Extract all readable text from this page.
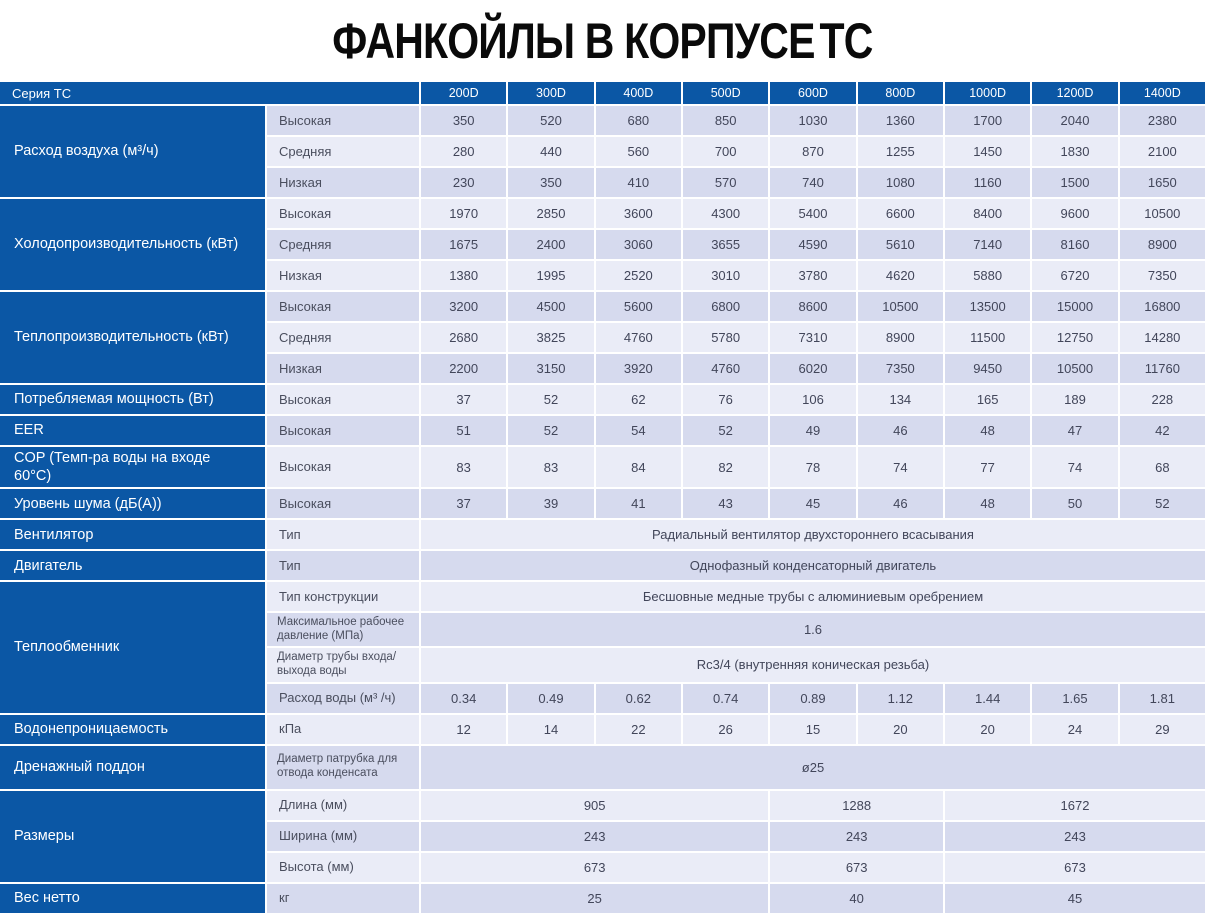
ФАНКОЙЛЫ В КОРПУСЕТС
Серия ТС	200D	300D	400D	500D	600D	800D	1000D	1200D	1400D
Расход воздуха (м³/ч)
Высокая	350	520	680	850	1030	1360	1700	2040	2380
Средняя	280	440	560	700	870	1255	1450	1830	2100
Низкая	230	350	410	570	740	1080	1160	1500	1650
Холодопроизводительность (кВт)
Высокая	1970	2850	3600	4300	5400	6600	8400	9600	10500
Средняя	1675	2400	3060	3655	4590	5610	7140	8160	8900
Низкая	1380	1995	2520	3010	3780	4620	5880	6720	7350
Теплопроизводительность (кВт)
Высокая	3200	4500	5600	6800	8600	10500	13500	15000	16800
Средняя	2680	3825	4760	5780	7310	8900	11500	12750	14280
Низкая	2200	3150	3920	4760	6020	7350	9450	10500	11760
Потребляемая мощность (Вт)	Высокая	37	52	62	76	106	134	165	189	228
EER	Высокая	51	52	54	52	49	46	48	47	42
COP (Темп-ра воды на входе 60°С)
Высокая	83	83	84	82	78	74	77	74	68
Уровень шума (дБ(А))	Высокая	37	39	41	43	45	46	48	50	52
Вентилятор	Тип	Радиальный вентилятор двухстороннего всасывания
Двигатель	Тип	Однофазный конденсаторный двигатель
Теплообменник
Тип конструкции	Бесшовные медные трубы с алюминиевым оребрением
Максимальное рабочее давление (МПа)	1.6
Диаметр трубы входа/ выхода воды	Rc3/4 (внутренняя коническая резьба)
Расход воды (м³ /ч)	0.34	0.49	0.62	0.74	0.89	1.12	1.44	1.65	1.81
Водонепроницаемость	кПа	12	14	22	26	15	20	20	24	29
Дренажный поддон	Диаметр патрубка для отвода конденсата	ø25
Размеры
Длина (мм)	905	1288	1672
Ширина (мм)	243	243	243
Высота (мм)	673	673	673
Вес нетто	кг	25	40	45
